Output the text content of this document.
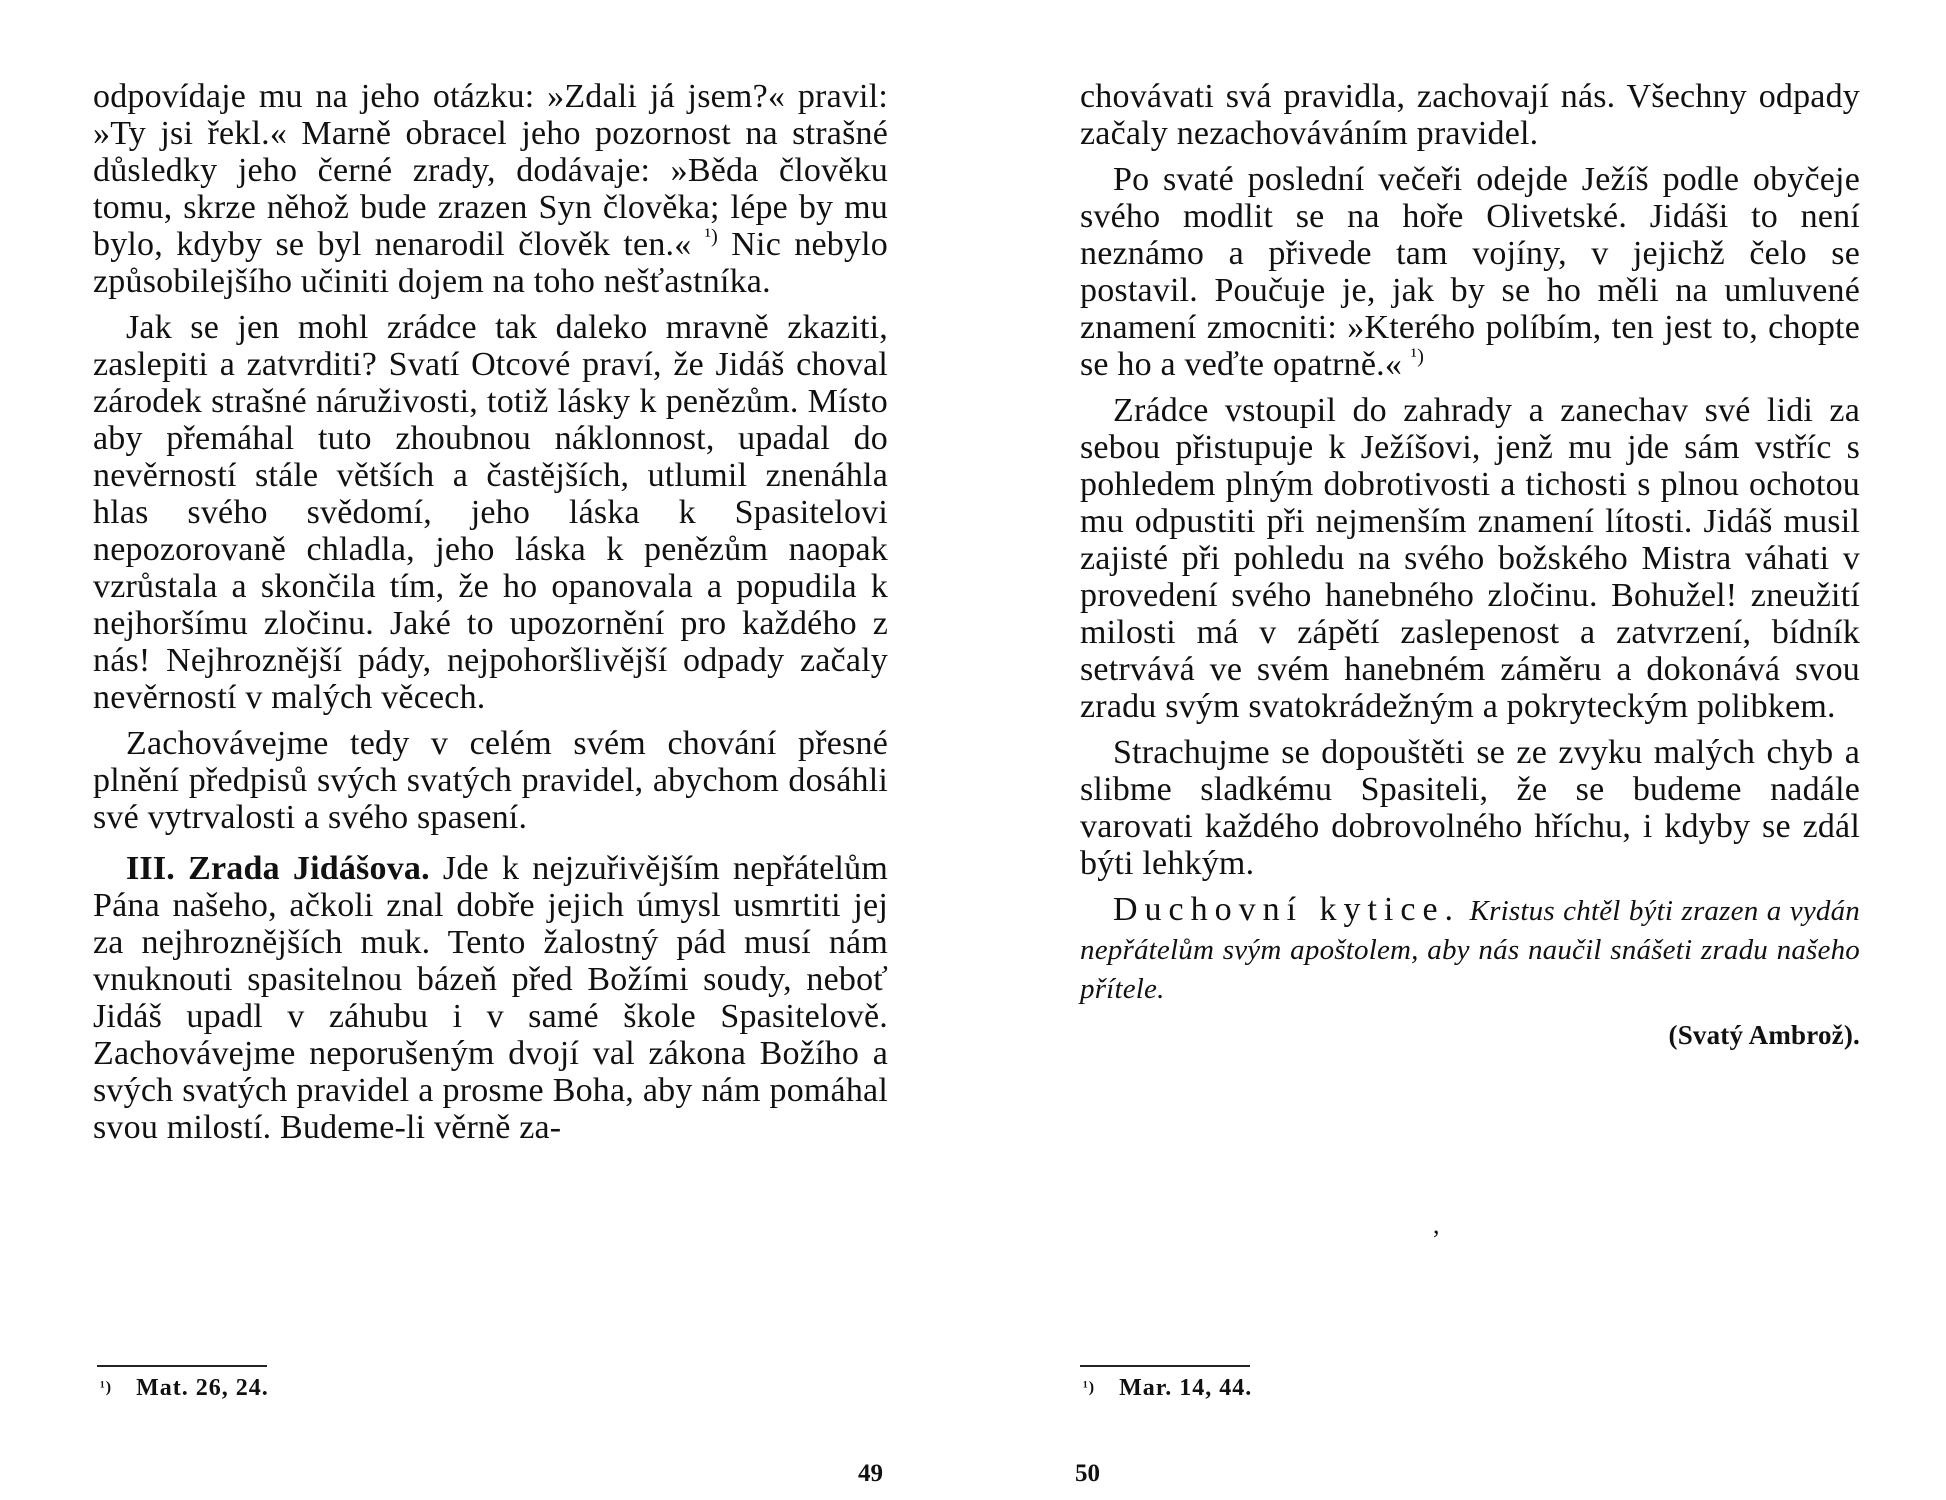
odpovídaje mu na jeho otázku: »Zdali já jsem?« pravil: »Ty jsi řekl.« Marně obracel jeho pozornost na strašné důsledky jeho černé zrady, dodávaje: »Běda člověku tomu, skrze něhož bude zrazen Syn člověka; lépe by mu bylo, kdyby se byl nenarodil člověk ten.« $^{^1)}$ Nic nebylo způsobilejšího učiniti dojem na toho nešťastníka.

Jak se jen mohl zrádce tak daleko mravně zkaziti, zaslepiti a zatvrditi? Svatí Otcové praví, že Jidáš choval zárodek strašné náruživosti, totiž lásky k penězům. Místo aby přemáhal tuto zhoubnou náklonnost, upadal do nevěrností stále větších a častějších, utlumil znenáhla hlas svého svědomí, jeho láska k Spasitelovi nepozorovaně chladla, jeho láska k penězům naopak vzrůstala a skončila tím, že ho opanovala a popudila k nejhoršímu zločinu. Jaké to upozornění pro každého z nás! Nejhroznější pády, nejpohoršlivější odpady začaly nevěrností v malých věcech.

Zachovávejme tedy v celém svém chování přesné plnění předpisů svých svatých pravidel, abychom dosáhli své vytrvalosti a svého spasení.

III. Zrada Jidášova. Jde k nejzuřivějším nepřátelům Pána našeho, ačkoli znal dobře jejich úmysl usmrtiti jej za nejhroznějších muk. Tento žalostný pád musí nám vnuknouti spasitelnou bázeň před Božími soudy, neboť Jidáš upadl v záhubu i v samé škole Spasitelově. Zachovávejme neporušeným dvojí val zákona Božího a svých svatých pravidel a prosme Boha, aby nám pomáhal svou milostí. Budeme-li věrně za-

¹) Mat. 26, 24.
49

chovávati svá pravidla, zachovají nás. Všechny odpady začaly nezachováváním pravidel.

Po svaté poslední večeři odejde Ježíš podle obyčeje svého modlit se na hoře Olivetské. Jidáši to není neznámo a přivede tam vojíny, v jejichž čelo se postavil. Poučuje je, jak by se ho měli na umluvené znamení zmocniti: »Kterého políbím, ten jest to, chopte se ho a veďte opatrně.« $^{^1)}$

Zrádce vstoupil do zahrady a zanechav své lidi za sebou přistupuje k Ježíšovi, jenž mu jde sám vstříc s pohledem plným dobrotivosti a tichosti s plnou ochotou mu odpustiti při nejmenším znamení lítosti. Jidáš musil zajisté při pohledu na svého božského Mistra váhati v provedení svého hanebného zločinu. Bohužel! zneužití milosti má v zápětí zaslepenost a zatvrzení, bídník setrvává ve svém hanebném záměru a dokonává svou zradu svým svatokrádežným a pokryteckým polibkem.

Strachujme se dopouštěti se ze zvyku malých chyb a slibme sladkému Spasiteli, že se budeme nadále varovati každého dobrovolného hříchu, i kdyby se zdál býti lehkým.

Duchovní kytice. Kristus chtěl býti zrazen a vydán nepřátelům svým apoštolem, aby nás naučil snášeti zradu našeho přítele.

(Svatý Ambrož).
,
¹) Mar. 14, 44.
50
